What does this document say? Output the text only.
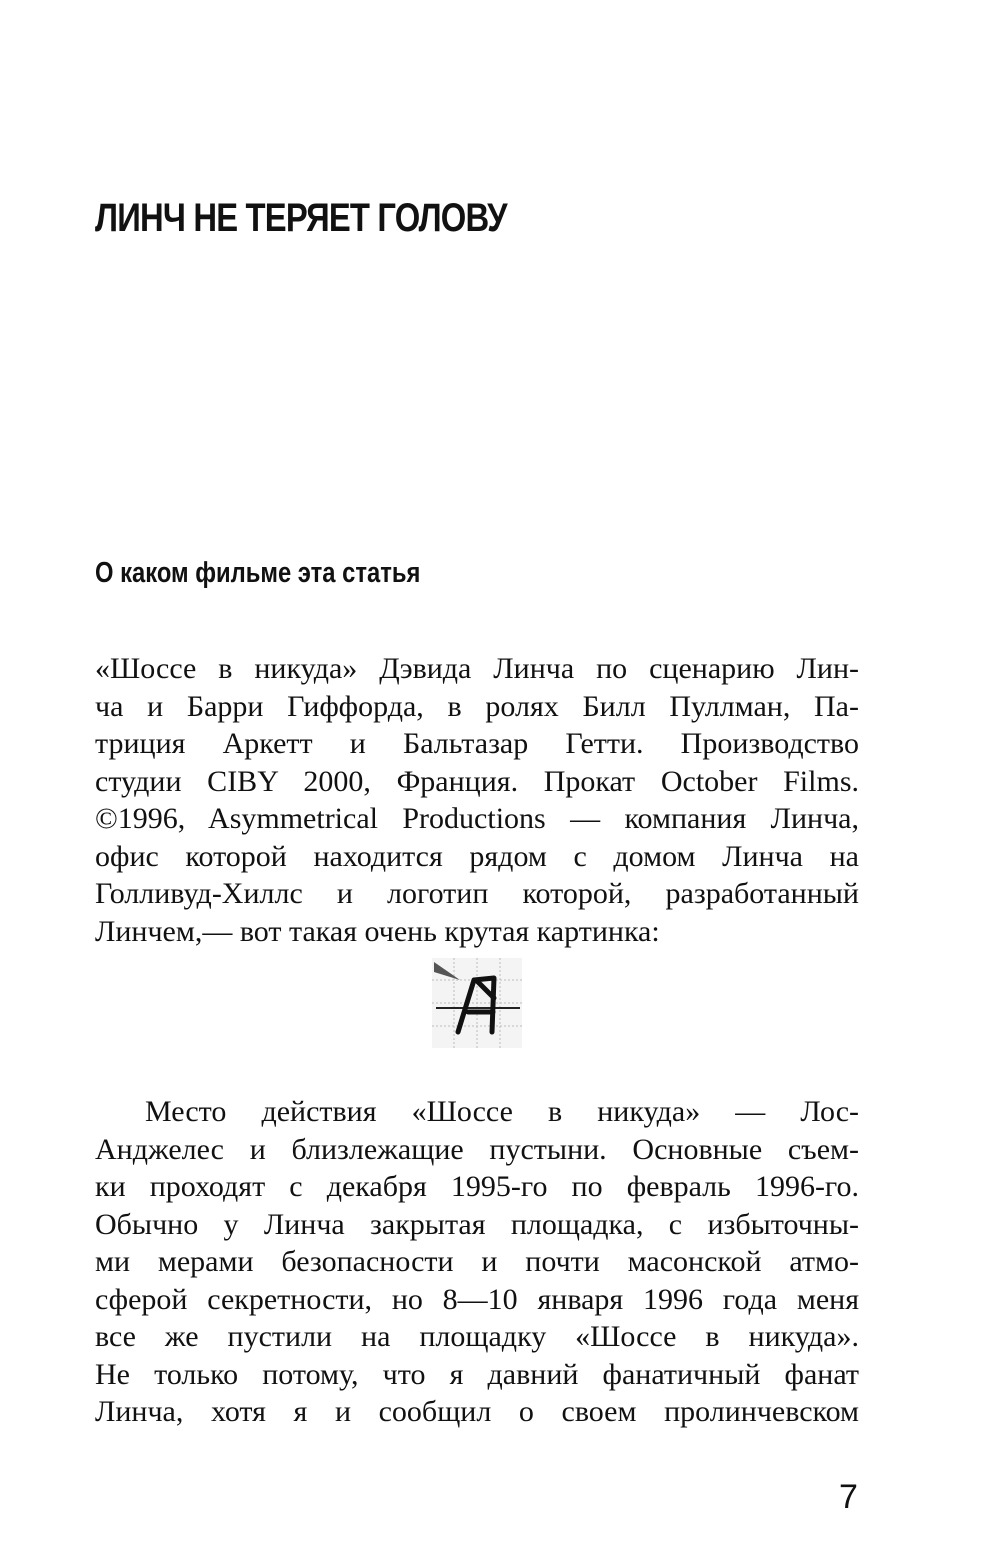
ЛИНЧ НЕ ТЕРЯЕТ ГОЛОВУ
О каком фильме эта статья
«Шоссе в никуда» Дэвида Линча по сценарию Лин-
ча и Барри Гиффорда, в ролях Билл Пуллман, Па-
триция Аркетт и Бальтазар Гетти. Производство
студии CIBY 2000, Франция. Прокат October Films.
©1996, Asymmetrical Productions — компания Линча,
офис которой находится рядом с домом Линча на
Голливуд-Хиллс и логотип которой, разработанный
Линчем,— вот такая очень крутая картинка:
Место действия «Шоссе в никуда» — Лос-
Анджелес и близлежащие пустыни. Основные съем-
ки проходят с декабря 1995-го по февраль 1996-го.
Обычно у Линча закрытая площадка, с избыточны-
ми мерами безопасности и почти масонской атмо-
сферой секретности, но 8—10 января 1996 года меня
все же пустили на площадку «Шоссе в никуда».
Не только потому, что я давний фанатичный фанат
Линча, хотя я и сообщил о своем пролинчевском

7
